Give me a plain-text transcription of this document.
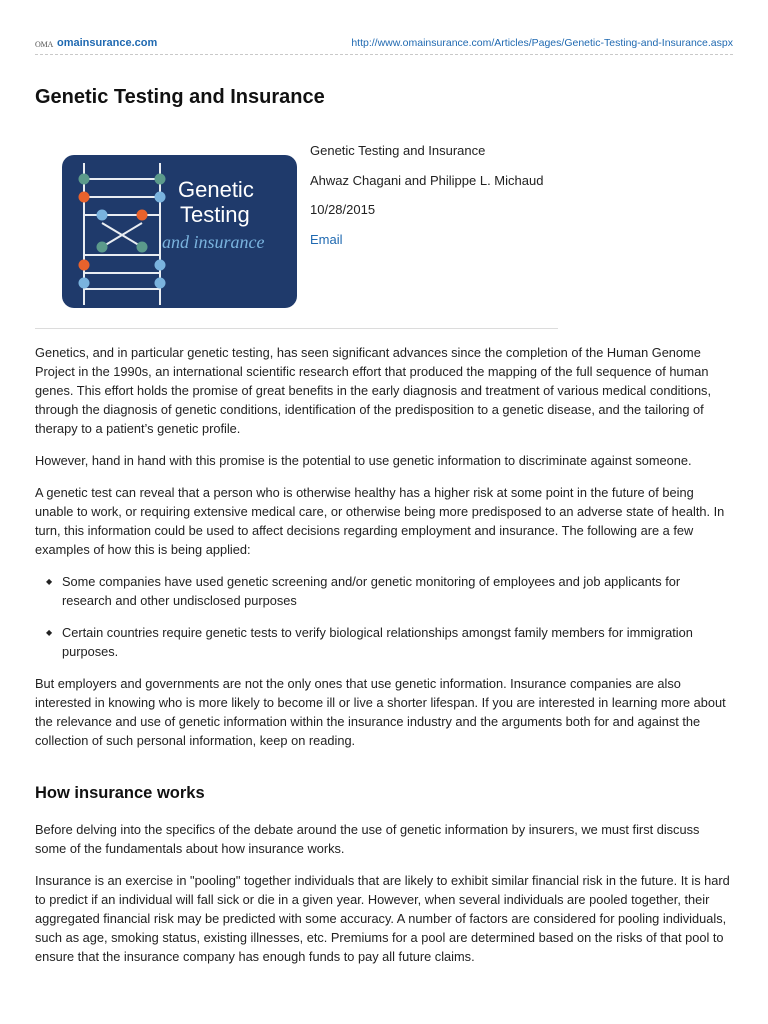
OMA omainsurance.com	http://www.omainsurance.com/Articles/Pages/Genetic-Testing-and-Insurance.aspx
Genetic Testing and Insurance
Genetic
Testing
and insurance
Genetic Testing and Insurance
Ahwaz Chagani and Philippe L. Michaud
10/28/2015
Email

Genetics, and in particular genetic testing, has seen significant advances since the completion of the Human Genome Project in the 1990s, an international scientific research effort that produced the mapping of the full sequence of human genes. This effort holds the promise of great benefits in the early diagnosis and treatment of various medical conditions, through the diagnosis of genetic conditions, identification of the predisposition to a genetic disease, and the tailoring of therapy to a patient’s genetic profile.

However, hand in hand with this promise is the potential to use genetic information to discriminate against someone.

A genetic test can reveal that a person who is otherwise healthy has a higher risk at some point in the future of being unable to work, or requiring extensive medical care, or otherwise being more predisposed to an adverse state of health. In turn, this information could be used to affect decisions regarding employment and insurance. The following are a few examples of how this is being applied:

◆ Some companies have used genetic screening and/or genetic monitoring of employees and job applicants for research and other undisclosed purposes
◆ Certain countries require genetic tests to verify biological relationships amongst family members for immigration purposes.

But employers and governments are not the only ones that use genetic information. Insurance companies are also interested in knowing who is more likely to become ill or live a shorter lifespan. If you are interested in learning more about the relevance and use of genetic information within the insurance industry and the arguments both for and against the collection of such personal information, keep on reading.

How insurance works

Before delving into the specifics of the debate around the use of genetic information by insurers, we must first discuss some of the fundamentals about how insurance works.

Insurance is an exercise in "pooling" together individuals that are likely to exhibit similar financial risk in the future. It is hard to predict if an individual will fall sick or die in a given year. However, when several individuals are pooled together, their aggregated financial risk may be predicted with some accuracy. A number of factors are considered for pooling individuals, such as age, smoking status, existing illnesses, etc. Premiums for a pool are determined based on the risks of that pool to ensure that the insurance company has enough funds to pay all future claims.
